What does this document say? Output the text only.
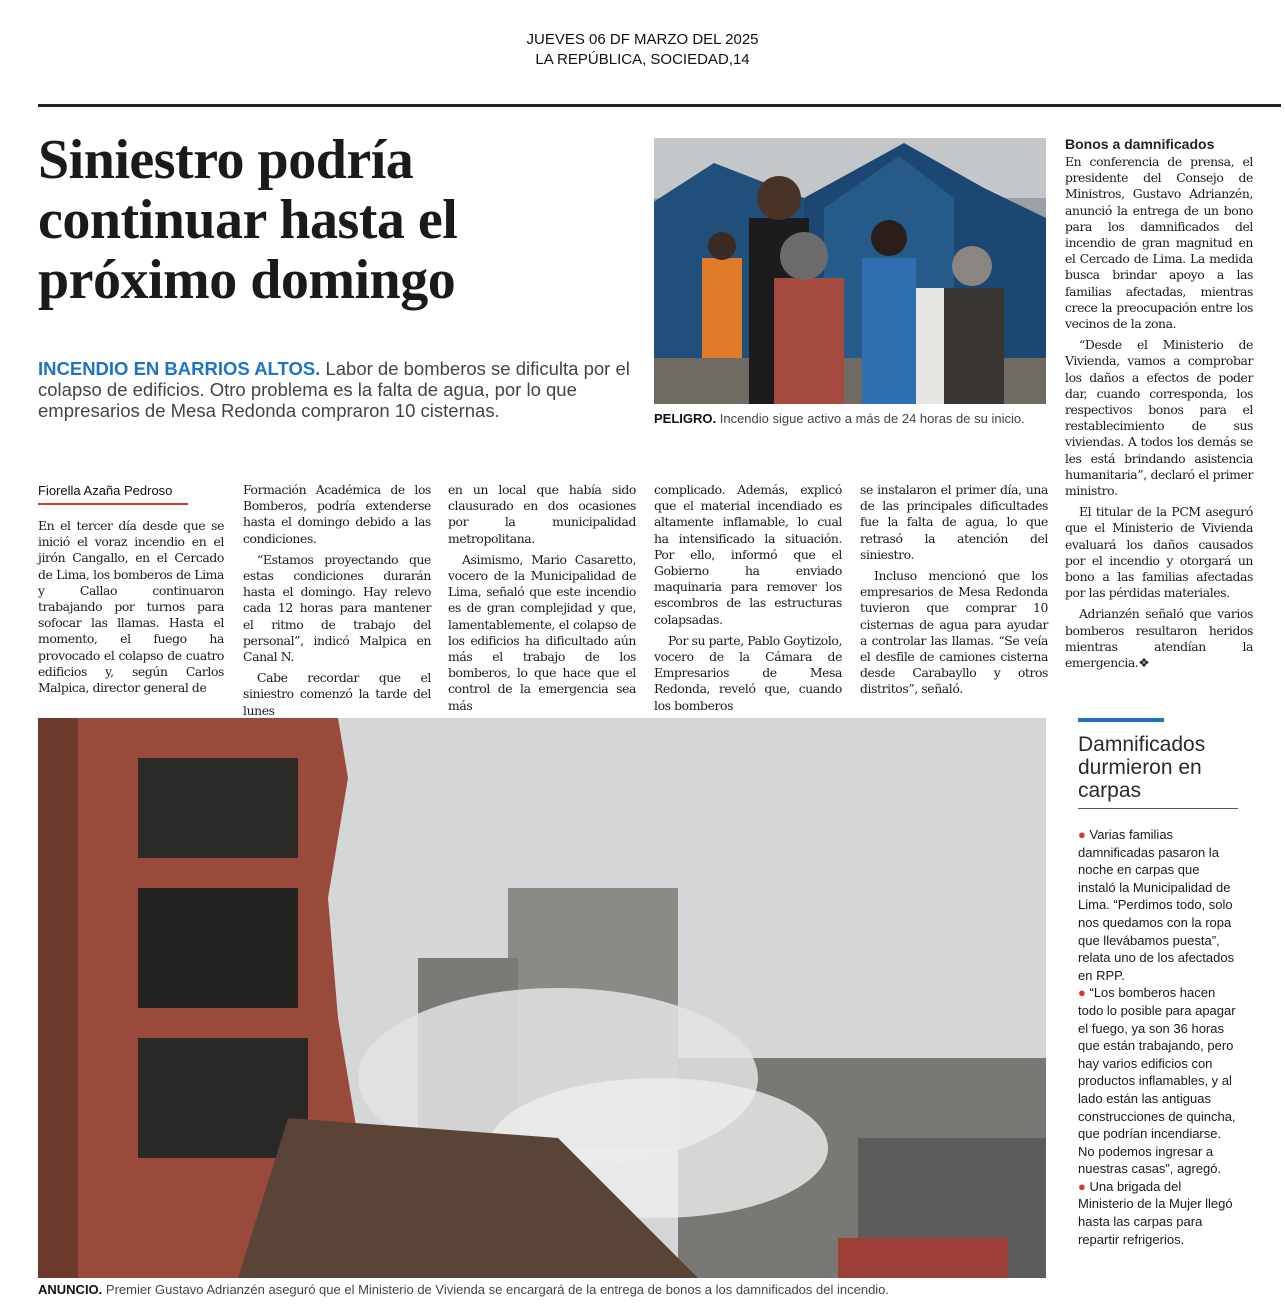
JUEVES 06 DF MARZO DEL 2025
LA REPÚBLICA, SOCIEDAD,14
Siniestro podría continuar hasta el próximo domingo

INCENDIO EN BARRIOS ALTOS. Labor de bomberos se dificulta por el colapso de edificios. Otro problema es la falta de agua, por lo que empresarios de Mesa Redonda compraron 10 cisternas.	PELIGRO. Incendio sigue activo a más de 24 horas de su inicio.
Fiorella Azaña Pedroso

En el tercer día desde que se inició el voraz incendio en el jirón Cangallo, en el Cercado de Lima, los bomberos de Lima y Callao continuaron trabajando por turnos para sofocar las llamas. Hasta el momento, el fuego ha provocado el colapso de cuatro edificios y, según Carlos Malpica, director general de

Formación Académica de los Bomberos, podría extenderse hasta el domingo debido a las condiciones.

“Estamos proyectando que estas condiciones durarán hasta el domingo. Hay relevo cada 12 horas para mantener el ritmo de trabajo del personal”, indicó Malpica en Canal N.

Cabe recordar que el siniestro comenzó la tarde del lunes

en un local que había sido clausurado en dos ocasiones por la municipalidad metropolitana.

Asimismo, Mario Casaretto, vocero de la Municipalidad de Lima, señaló que este incendio es de gran complejidad y que, lamentablemente, el colapso de los edificios ha dificultado aún más el trabajo de los bomberos, lo que hace que el control de la emergencia sea más

complicado. Además, explicó que el material incendiado es altamente inflamable, lo cual ha intensificado la situación. Por ello, informó que el Gobierno ha enviado maquinaria para remover los escombros de las estructuras colapsadas.

Por su parte, Pablo Goytizolo, vocero de la Cámara de Empresarios de Mesa Redonda, reveló que, cuando los bomberos

se instalaron el primer día, una de las principales dificultades fue la falta de agua, lo que retrasó la atención del siniestro.

Incluso mencionó que los empresarios de Mesa Redonda tuvieron que comprar 10 cisternas de agua para ayudar a controlar las llamas. “Se veía el desfile de camiones cisterna desde Carabayllo y otros distritos”, señaló.

Bonos a damnificados

En conferencia de prensa, el presidente del Consejo de Ministros, Gustavo Adrianzén, anunció la entrega de un bono para los damnificados del incendio de gran magnitud en el Cercado de Lima. La medida busca brindar apoyo a las familias afectadas, mientras crece la preocupación entre los vecinos de la zona.

“Desde el Ministerio de Vivienda, vamos a comprobar los daños a efectos de poder dar, cuando corresponda, los respectivos bonos para el restablecimiento de sus viviendas. A todos los demás se les está brindando asistencia humanitaria”, declaró el primer ministro.

El titular de la PCM aseguró que el Ministerio de Vivienda evaluará los daños causados por el incendio y otorgará un bono a las familias afectadas por las pérdidas materiales.

Adrianzén señaló que varios bomberos resultaron heridos mientras atendían la emergencia.❖

ANUNCIO. Premier Gustavo Adrianzén aseguró que el Ministerio de Vivienda se encargará de la entrega de bonos a los damnificados del incendio.
Damnificados durmieron en carpas

● Varias familias damnificadas pasaron la noche en carpas que instaló la Municipalidad de Lima. “Perdimos todo, solo nos quedamos con la ropa que llevábamos puesta”, relata uno de los afectados en RPP.

● “Los bomberos hacen todo lo posible para apagar el fuego, ya son 36 horas que están trabajando, pero hay varios edificios con productos inflamables, y al lado están las antiguas construcciones de quincha, que podrían incendiarse. No podemos ingresar a nuestras casas”, agregó.

● Una brigada del Ministerio de la Mujer llegó hasta las carpas para repartir refrigerios.
